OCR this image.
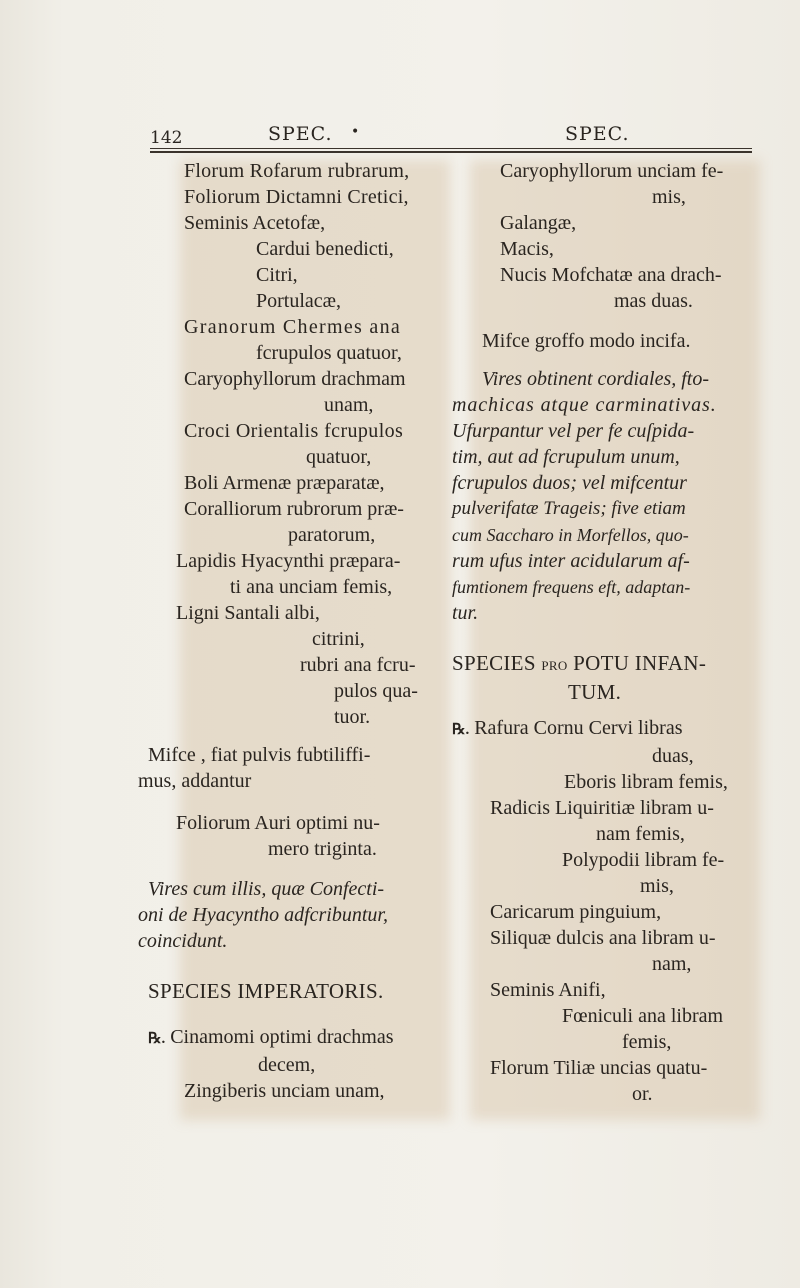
142	SPEC. •	SPEC.
Florum Rofarum rubrarum,
Foliorum Dictamni Cretici,
Seminis Acetofæ,
Cardui benedicti,
Citri,
Portulacæ,
Granorum Chermes ana
fcrupulos quatuor,
Caryophyllorum drachmam
unam,
Croci Orientalis fcrupulos
quatuor,
Boli Armenæ præparatæ,
Coralliorum rubrorum præ-
paratorum,
Lapidis Hyacynthi præpara-
ti ana unciam femis,
Ligni Santali albi,
citrini,
rubri ana fcru-
pulos qua-
tuor.
Mifce , fiat pulvis fubtiliffi-
mus, addantur
Foliorum Auri optimi nu-
mero triginta.
Vires cum illis, quæ Confecti-
oni de Hyacyntho adfcribuntur,
coincidunt.
SPECIES IMPERATORIS.
℞. Cinamomi optimi drachmas
decem,
Zingiberis unciam unam,
Caryophyllorum unciam fe-
mis,
Galangæ,
Macis,
Nucis Mofchatæ ana drach-
mas duas.
Mifce groffo modo incifa.
Vires obtinent cordiales, fto-
machicas atque carminativas.
Ufurpantur vel per fe cuſpida-
tim, aut ad fcrupulum unum,
fcrupulos duos; vel mifcentur
pulverifatæ Trageis; five etiam
cum Saccharo in Morfellos, quo-
rum ufus inter acidularum af-
fumtionem frequens eft, adaptan-
tur.
SPECIES PRO POTU INFAN-
TUM.
℞. Rafura Cornu Cervi libras
duas,
Eboris libram femis,
Radicis Liquiritiæ libram u-
nam femis,
Polypodii libram fe-
mis,
Caricarum pinguium,
Siliquæ dulcis ana libram u-
nam,
Seminis Anifi,
Fœniculi ana libram
femis,
Florum Tiliæ uncias quatu-
or.
